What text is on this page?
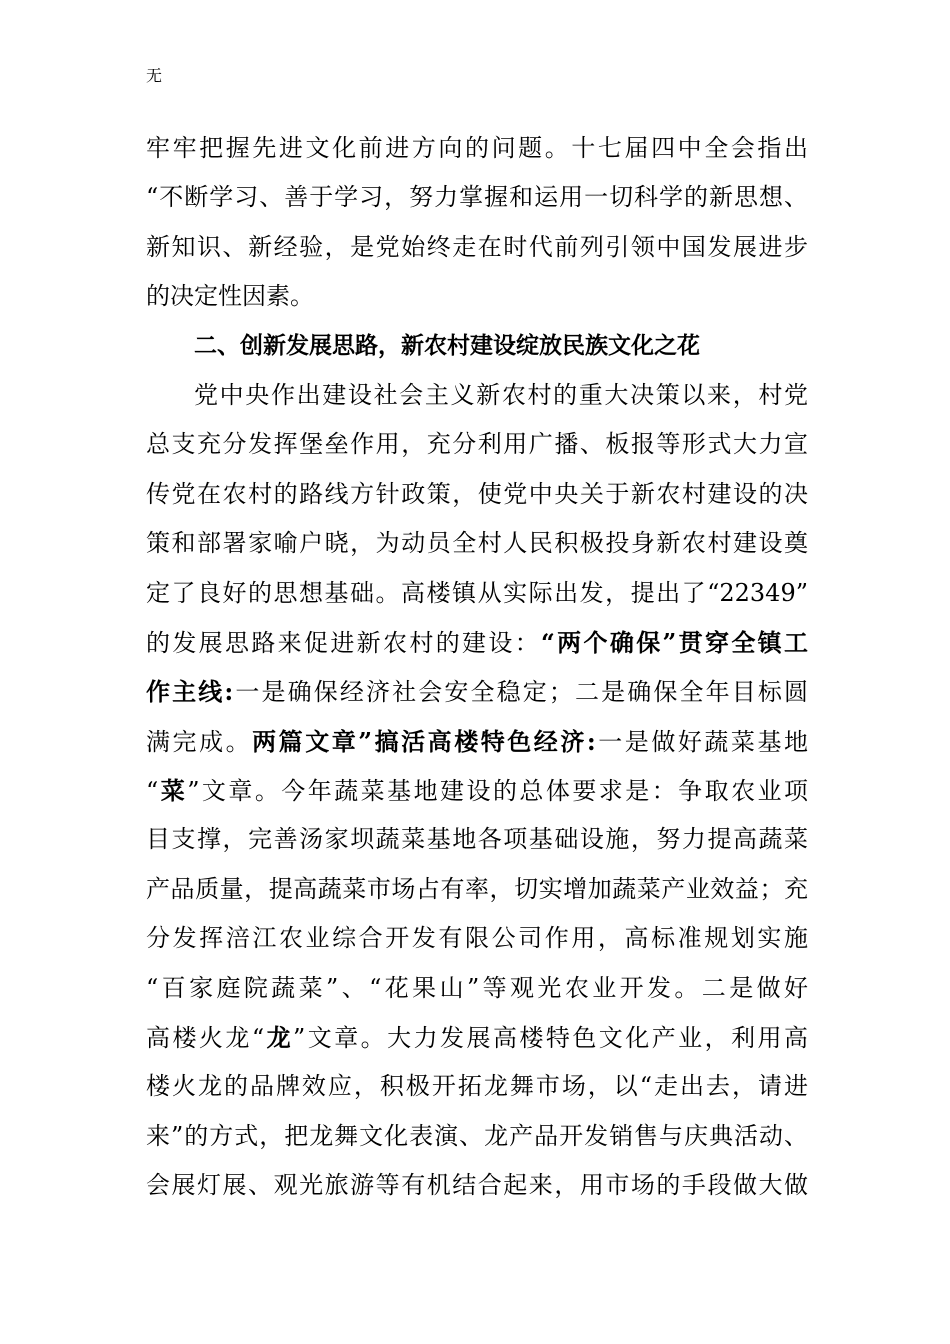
无
牢牢把握先进文化前进方向的问题。十七届四中全会指出
“不断学习、善于学习，努力掌握和运用一切科学的新思想、
新知识、新经验，是党始终走在时代前列引领中国发展进步
的决定性因素。
二、创新发展思路，新农村建设绽放民族文化之花
党中央作出建设社会主义新农村的重大决策以来，村党
总支充分发挥堡垒作用，充分利用广播、板报等形式大力宣
传党在农村的路线方针政策，使党中央关于新农村建设的决
策和部署家喻户晓，为动员全村人民积极投身新农村建设奠
定了良好的思想基础。高楼镇从实际出发，提出了“22349”
的发展思路来促进新农村的建设：“两个确保”贯穿全镇工
作主线:一是确保经济社会安全稳定；二是确保全年目标圆
满完成。两篇文章”搞活高楼特色经济:一是做好蔬菜基地
“菜”文章。今年蔬菜基地建设的总体要求是：争取农业项
目支撑，完善汤家坝蔬菜基地各项基础设施，努力提高蔬菜
产品质量，提高蔬菜市场占有率，切实增加蔬菜产业效益；充
分发挥涪江农业综合开发有限公司作用，高标准规划实施
“百家庭院蔬菜”、“花果山”等观光农业开发。二是做好
高楼火龙“龙”文章。大力发展高楼特色文化产业，利用高
楼火龙的品牌效应，积极开拓龙舞市场，以“走出去，请进
来”的方式，把龙舞文化表演、龙产品开发销售与庆典活动、
会展灯展、观光旅游等有机结合起来，用市场的手段做大做
